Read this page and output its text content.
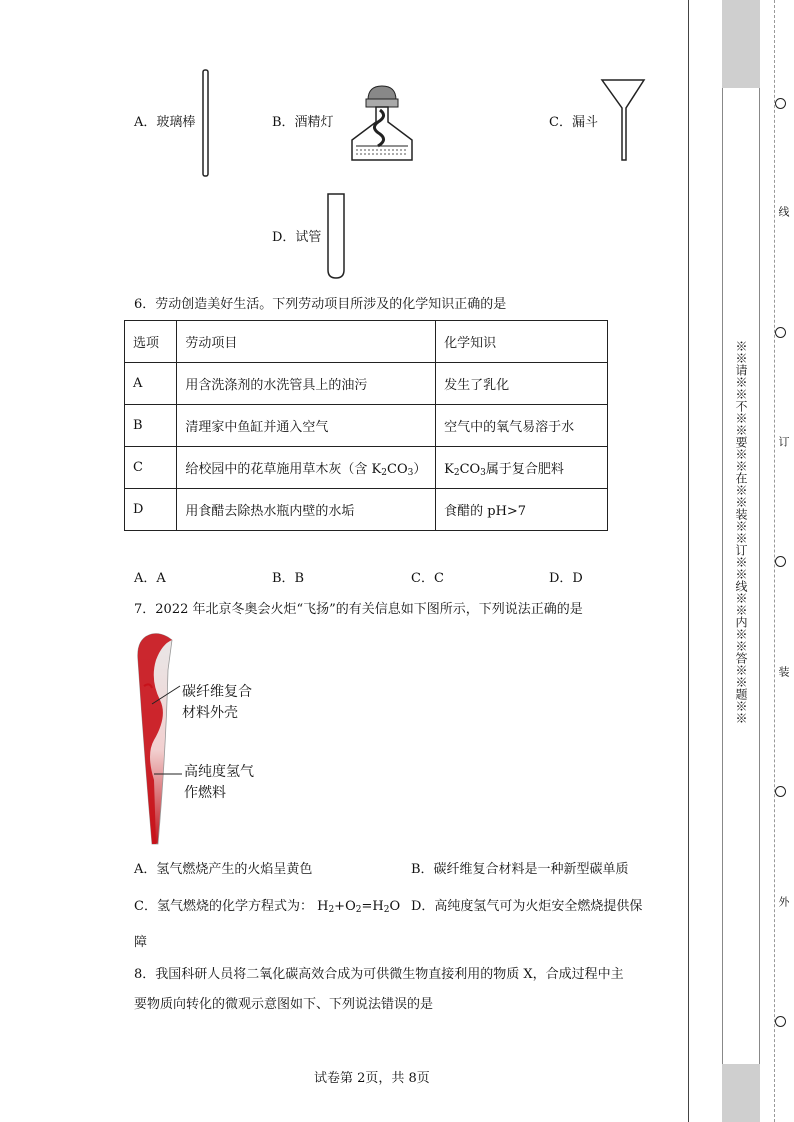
A．玻璃棒	B．酒精灯	C．漏斗
D．试管
6．劳动创造美好生活。下列劳动项目所涉及的化学知识正确的是
选项	劳动项目	化学知识
A	用含洗涤剂的水洗管具上的油污	发生了乳化
B	清理家中鱼缸并通入空气	空气中的氧气易溶于水
C	给校园中的花草施用草木灰（含 $K_2CO_3$）	$K_2CO_3$属于复合肥料
D	用食醋去除热水瓶内壁的水垢	食醋的 pH>7
A．A	B．B	C．C	D．D
7．2022 年北京冬奥会火炬“飞扬”的有关信息如下图所示，下列说法正确的是
碳纤维复合
材料外壳
高纯度氢气
作燃料
A．氢气燃烧产生的火焰呈黄色	B．碳纤维复合材料是一种新型碳单质
C．氢气燃烧的化学方程式为： $H_2+O_2=H_2O$ D．高纯度氢气可为火炬安全燃烧提供保
障
8．我国科研人员将二氧化碳高效合成为可供微生物直接利用的物质 X，合成过程中主
要物质向转化的微观示意图如下、下列说法错误的是
试卷第 2页，共 8页
※※请※※不※※要※※在※※装※※订※※线※※内※※答※※题※※
线
订
装
外
